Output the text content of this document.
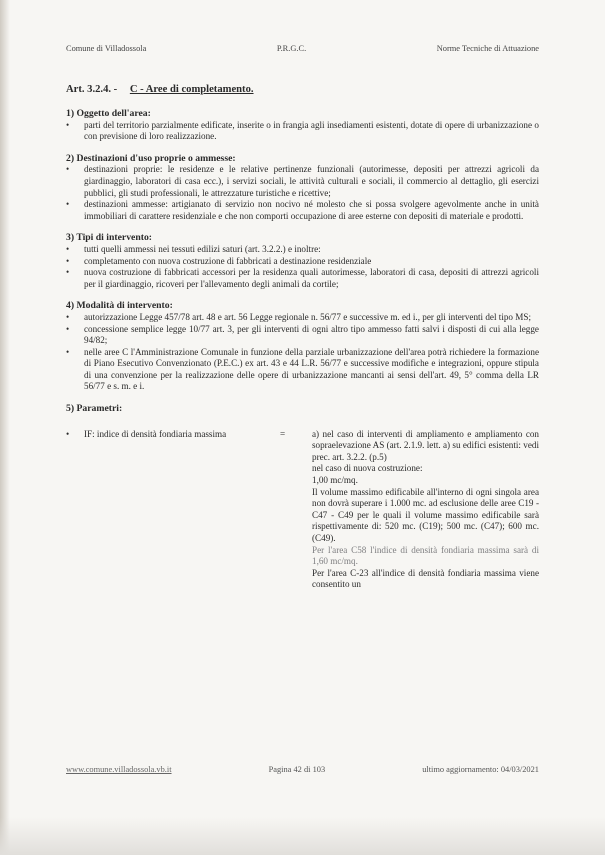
Comune di Villadossola	P.R.G.C.	Norme Tecniche di Attuazione
Art. 3.2.4. - C - Aree di completamento.

1) Oggetto dell'area:

• parti del territorio parzialmente edificate, inserite o in frangia agli insediamenti esistenti, dotate di opere di urbanizzazione o con previsione di loro realizzazione.

2) Destinazioni d'uso proprie o ammesse:

• destinazioni proprie: le residenze e le relative pertinenze funzionali (autorimesse, depositi per attrezzi agricoli da giardinaggio, laboratori di casa ecc.), i servizi sociali, le attività culturali e sociali, il commercio al dettaglio, gli esercizi pubblici, gli studi professionali, le attrezzature turistiche e ricettive;
• destinazioni ammesse: artigianato di servizio non nocivo né molesto che si possa svolgere agevolmente anche in unità immobiliari di carattere residenziale e che non comporti occupazione di aree esterne con depositi di materiale e prodotti.

3) Tipi di intervento:

• tutti quelli ammessi nei tessuti edilizi saturi (art. 3.2.2.) e inoltre:
• completamento con nuova costruzione di fabbricati a destinazione residenziale
• nuova costruzione di fabbricati accessori per la residenza quali autorimesse, laboratori di casa, depositi di attrezzi agricoli per il giardinaggio, ricoveri per l'allevamento degli animali da cortile;

4) Modalità di intervento:

• autorizzazione Legge 457/78 art. 48 e art. 56 Legge regionale n. 56/77 e successive m. ed i., per gli interventi del tipo MS;
• concessione semplice legge 10/77 art. 3, per gli interventi di ogni altro tipo ammesso fatti salvi i disposti di cui alla legge 94/82;
• nelle aree C l'Amministrazione Comunale in funzione della parziale urbanizzazione dell'area potrà richiedere la formazione di Piano Esecutivo Convenzionato (P.E.C.) ex art. 43 e 44 L.R. 56/77 e successive modifiche e integrazioni, oppure stipula di una convenzione per la realizzazione delle opere di urbanizzazione mancanti ai sensi dell'art. 49, 5° comma della LR 56/77 e s. m. e i.

5) Parametri:

• IF: indice di densità fondiaria massima	=	a) nel caso di interventi di ampliamento e ampliamento con sopraelevazione AS (art. 2.1.9. lett. a) su edifici esistenti: vedi prec. art. 3.2.2. (p.5)

nel caso di nuova costruzione:

1,00 mc/mq.

Il volume massimo edificabile all'interno di ogni singola area non dovrà superare i 1.000 mc. ad esclusione delle aree C19 - C47 - C49 per le quali il volume massimo edificabile sarà rispettivamente di: 520 mc. (C19); 500 mc. (C47); 600 mc. (C49).

Per l'area C58 l'indice di densità fondiaria massima sarà di 1,60 mc/mq.

Per l'area C-23 all'indice di densità fondiaria massima viene consentito un

www.comune.villadossola.vb.it	Pagina 42 di 103	ultimo aggiornamento: 04/03/2021
